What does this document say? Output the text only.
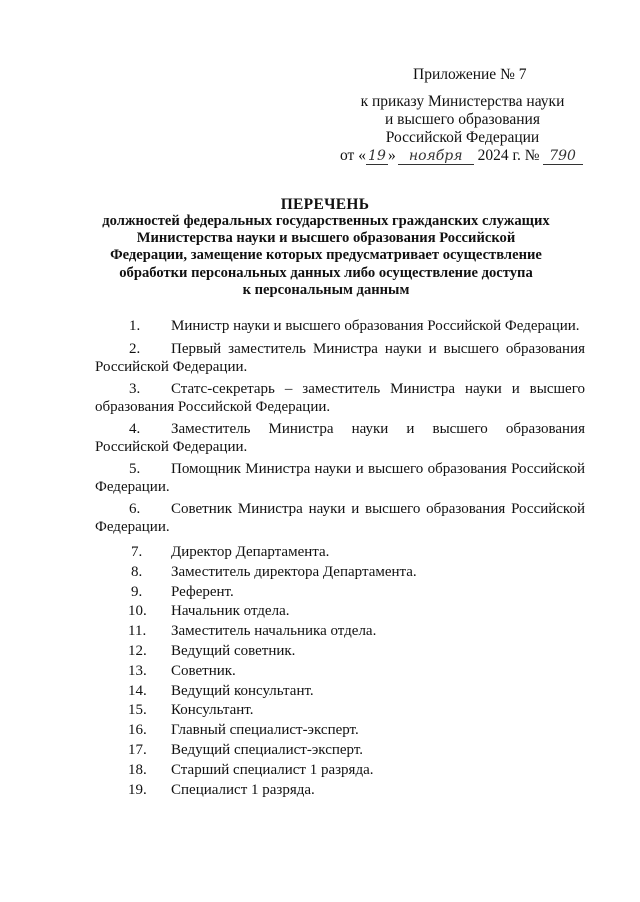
Приложение № 7
к приказу Министерства науки
и высшего образования
Российской Федерации
от « 19 » ноября 2024 г. № 790
ПЕРЕЧЕНЬ
должностей федеральных государственных гражданских служащих
Министерства науки и высшего образования Российской
Федерации, замещение которых предусматривает осуществление
обработки персональных данных либо осуществление доступа
к персональным данным
1. Министр науки и высшего образования Российской Федерации.
2. Первый заместитель Министра науки и высшего образования
Российской Федерации.
3. Статс-секретарь – заместитель Министра науки и высшего
образования Российской Федерации.
4. Заместитель Министра науки и высшего образования
Российской Федерации.
5. Помощник Министра науки и высшего образования Российской
Федерации.
6. Советник Министра науки и высшего образования Российской
Федерации.
7. Директор Департамента.
8. Заместитель директора Департамента.
9. Референт.
10. Начальник отдела.
11. Заместитель начальника отдела.
12. Ведущий советник.
13. Советник.
14. Ведущий консультант.
15. Консультант.
16. Главный специалист-эксперт.
17. Ведущий специалист-эксперт.
18. Старший специалист 1 разряда.
19. Специалист 1 разряда.
